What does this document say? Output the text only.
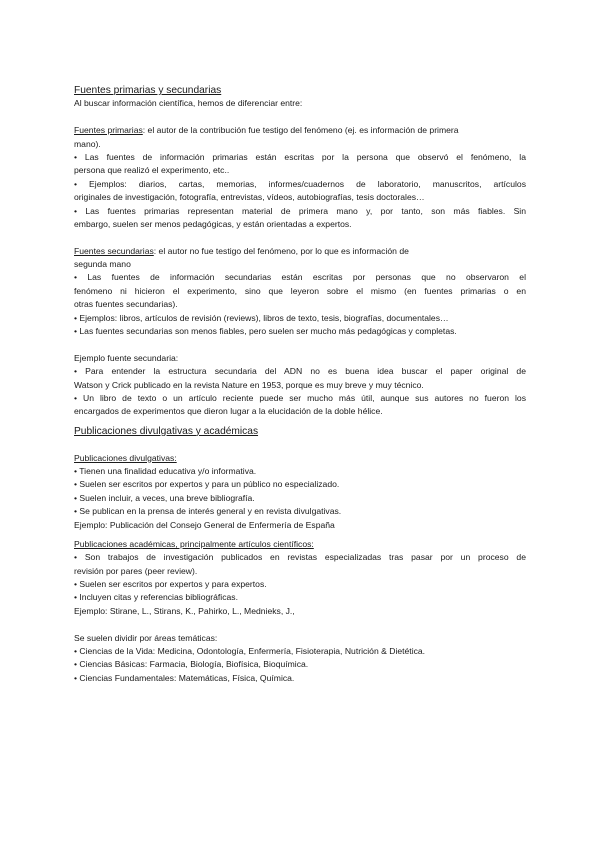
Fuentes primarias y secundarias
Al buscar información científica, hemos de diferenciar entre:
Fuentes primarias: el autor de la contribución fue testigo del fenómeno (ej. es información de primera
mano).
• Las fuentes de información primarias están escritas por la persona que observó el fenómeno, la
persona que realizó el experimento, etc..
• Ejemplos: diarios, cartas, memorias, informes/cuadernos de laboratorio, manuscritos, artículos
originales de investigación, fotografía, entrevistas, vídeos, autobiografías, tesis doctorales…
• Las fuentes primarias representan material de primera mano y, por tanto, son más fiables. Sin
embargo, suelen ser menos pedagógicas, y están orientadas a expertos.
Fuentes secundarias: el autor no fue testigo del fenómeno, por lo que es información de
segunda mano
• Las fuentes de información secundarias están escritas por personas que no observaron el
fenómeno ni hicieron el experimento, sino que leyeron sobre el mismo (en fuentes primarias o en
otras fuentes secundarias).
• Ejemplos: libros, artículos de revisión (reviews), libros de texto, tesis, biografías, documentales…
• Las fuentes secundarias son menos fiables, pero suelen ser mucho más pedagógicas y completas.
Ejemplo fuente secundaria:
• Para entender la estructura secundaria del ADN no es buena idea buscar el paper original de
Watson y Crick publicado en la revista Nature en 1953, porque es muy breve y muy técnico.
• Un libro de texto o un artículo reciente puede ser mucho más útil, aunque sus autores no fueron los
encargados de experimentos que dieron lugar a la elucidación de la doble hélice.
Publicaciones divulgativas y académicas
Publicaciones divulgativas:
• Tienen una finalidad educativa y/o informativa.
• Suelen ser escritos por expertos y para un público no especializado.
• Suelen incluir, a veces, una breve bibliografía.
• Se publican en la prensa de interés general y en revista divulgativas.
Ejemplo: Publicación del Consejo General de Enfermería de España
Publicaciones académicas, principalmente artículos científicos:
• Son trabajos de investigación publicados en revistas especializadas tras pasar por un proceso de
revisión por pares (peer review).
• Suelen ser escritos por expertos y para expertos.
• Incluyen citas y referencias bibliográficas.
Ejemplo: Stirane, L., Stirans, K., Pahirko, L., Mednieks, J.,
Se suelen dividir por áreas temáticas:
• Ciencias de la Vida: Medicina, Odontología, Enfermería, Fisioterapia, Nutrición & Dietética.
• Ciencias Básicas: Farmacia, Biología, Biofísica, Bioquímica.
• Ciencias Fundamentales: Matemáticas, Física, Química.
